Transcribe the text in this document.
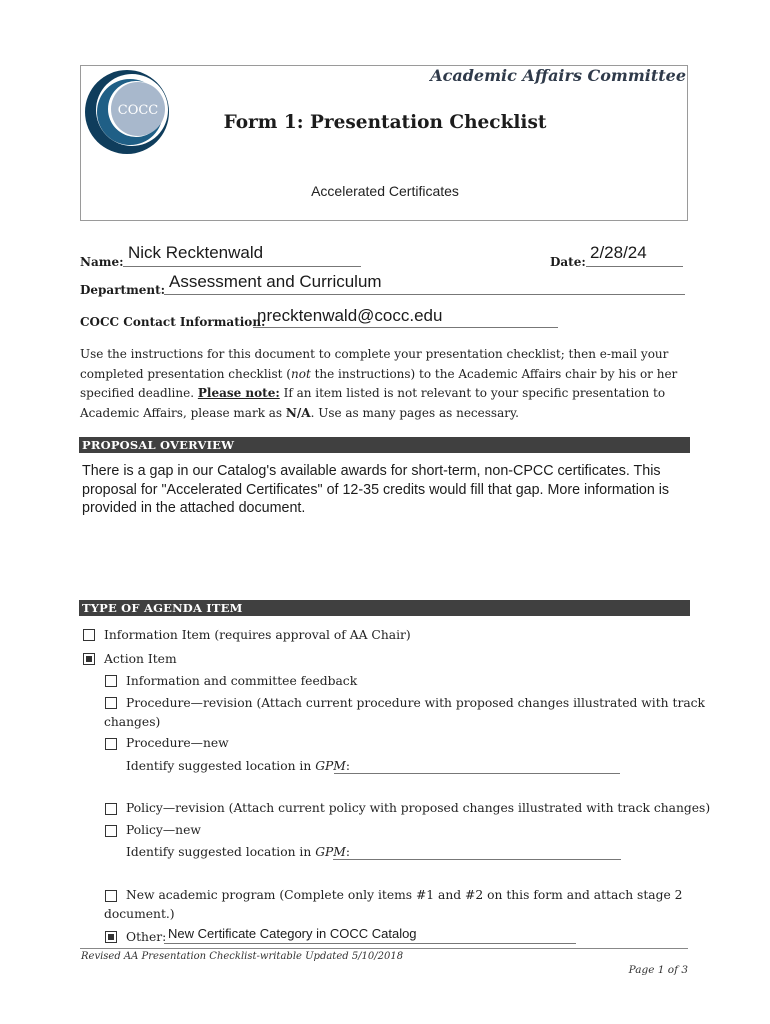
COCC
Academic Affairs Committee
Form 1: Presentation Checklist
Accelerated Certificates
Name: Nick Recktenwald	Date: 2/28/24
Department: Assessment and Curriculum
COCC Contact Information:
nrecktenwald@cocc.edu
Use the instructions for this document to complete your presentation checklist; then e-mail your completed presentation checklist (not the instructions) to the Academic Affairs chair by his or her specified deadline. Please note: If an item listed is not relevant to your specific presentation to Academic Affairs, please mark as N/A. Use as many pages as necessary.
PROPOSAL OVERVIEW
There is a gap in our Catalog's available awards for short-term, non-CPCC certificates. This proposal for "Accelerated Certificates" of 12-35 credits would fill that gap. More information is provided in the attached document.
TYPE OF AGENDA ITEM
Information Item (requires approval of AA Chair)
Action Item
Information and committee feedback
Procedure—revision (Attach current procedure with proposed changes illustrated with track
changes)
Procedure—new
Identify suggested location in GPM:
Policy—revision (Attach current policy with proposed changes illustrated with track changes)
Policy—new
Identify suggested location in GPM:
New academic program (Complete only items #1 and #2 on this form and attach stage 2
document.)
Other: New Certificate Category in COCC Catalog
Revised AA Presentation Checklist-writable Updated 5/10/2018
Page 1 of 3
